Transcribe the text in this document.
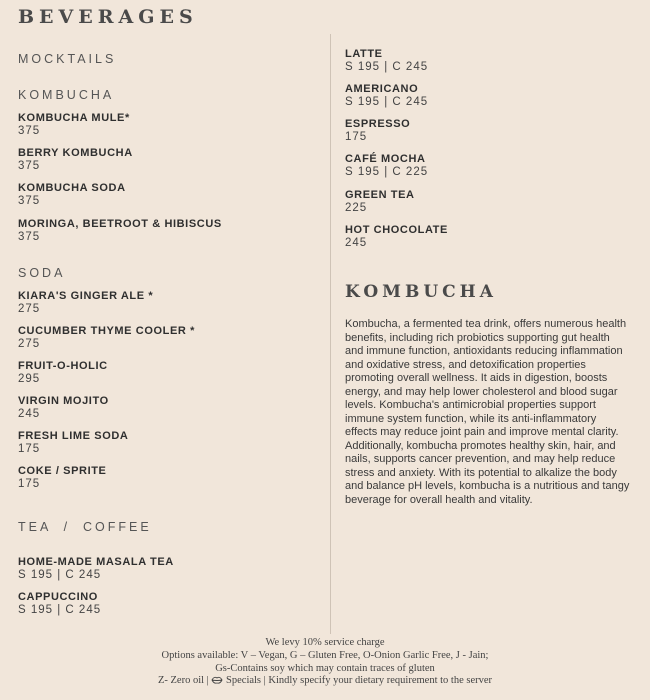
BEVERAGES
MOCKTAILS
KOMBUCHA
KOMBUCHA MULE*
375
BERRY KOMBUCHA
375
KOMBUCHA SODA
375
MORINGA, BEETROOT & HIBISCUS
375
SODA
KIARA'S GINGER ALE *
275
CUCUMBER THYME COOLER *
275
FRUIT-O-HOLIC
295
VIRGIN MOJITO
245
FRESH LIME SODA
175
COKE / SPRITE
175
TEA  /  COFFEE
HOME-MADE MASALA TEA
S 195 | C 245
CAPPUCCINO
S 195 | C 245
LATTE
S 195 | C 245
AMERICANO
S 195 | C 245
ESPRESSO
175
CAFÉ MOCHA
S 195 | C 225
GREEN TEA
225
HOT CHOCOLATE
245
KOMBUCHA

Kombucha, a fermented tea drink, offers numerous health benefits, including rich probiotics supporting gut health and immune function, antioxidants reducing inflammation and oxidative stress, and detoxification properties promoting overall wellness. It aids in digestion, boosts energy, and may help lower cholesterol and blood sugar levels. Kombucha's antimicrobial properties support immune system function, while its anti-inflammatory effects may reduce joint pain and improve mental clarity. Additionally, kombucha promotes healthy skin, hair, and nails, supports cancer prevention, and may help reduce stress and anxiety. With its potential to alkalize the body and balance pH levels, kombucha is a nutritious and tangy beverage for overall health and vitality.

We levy 10% service charge
Options available: V – Vegan, G – Gluten Free, O-Onion Garlic Free, J - Jain;
Gs-Contains soy which may contain traces of gluten
Z- Zero oil | Specials | Kindly specify your dietary requirement to the server
